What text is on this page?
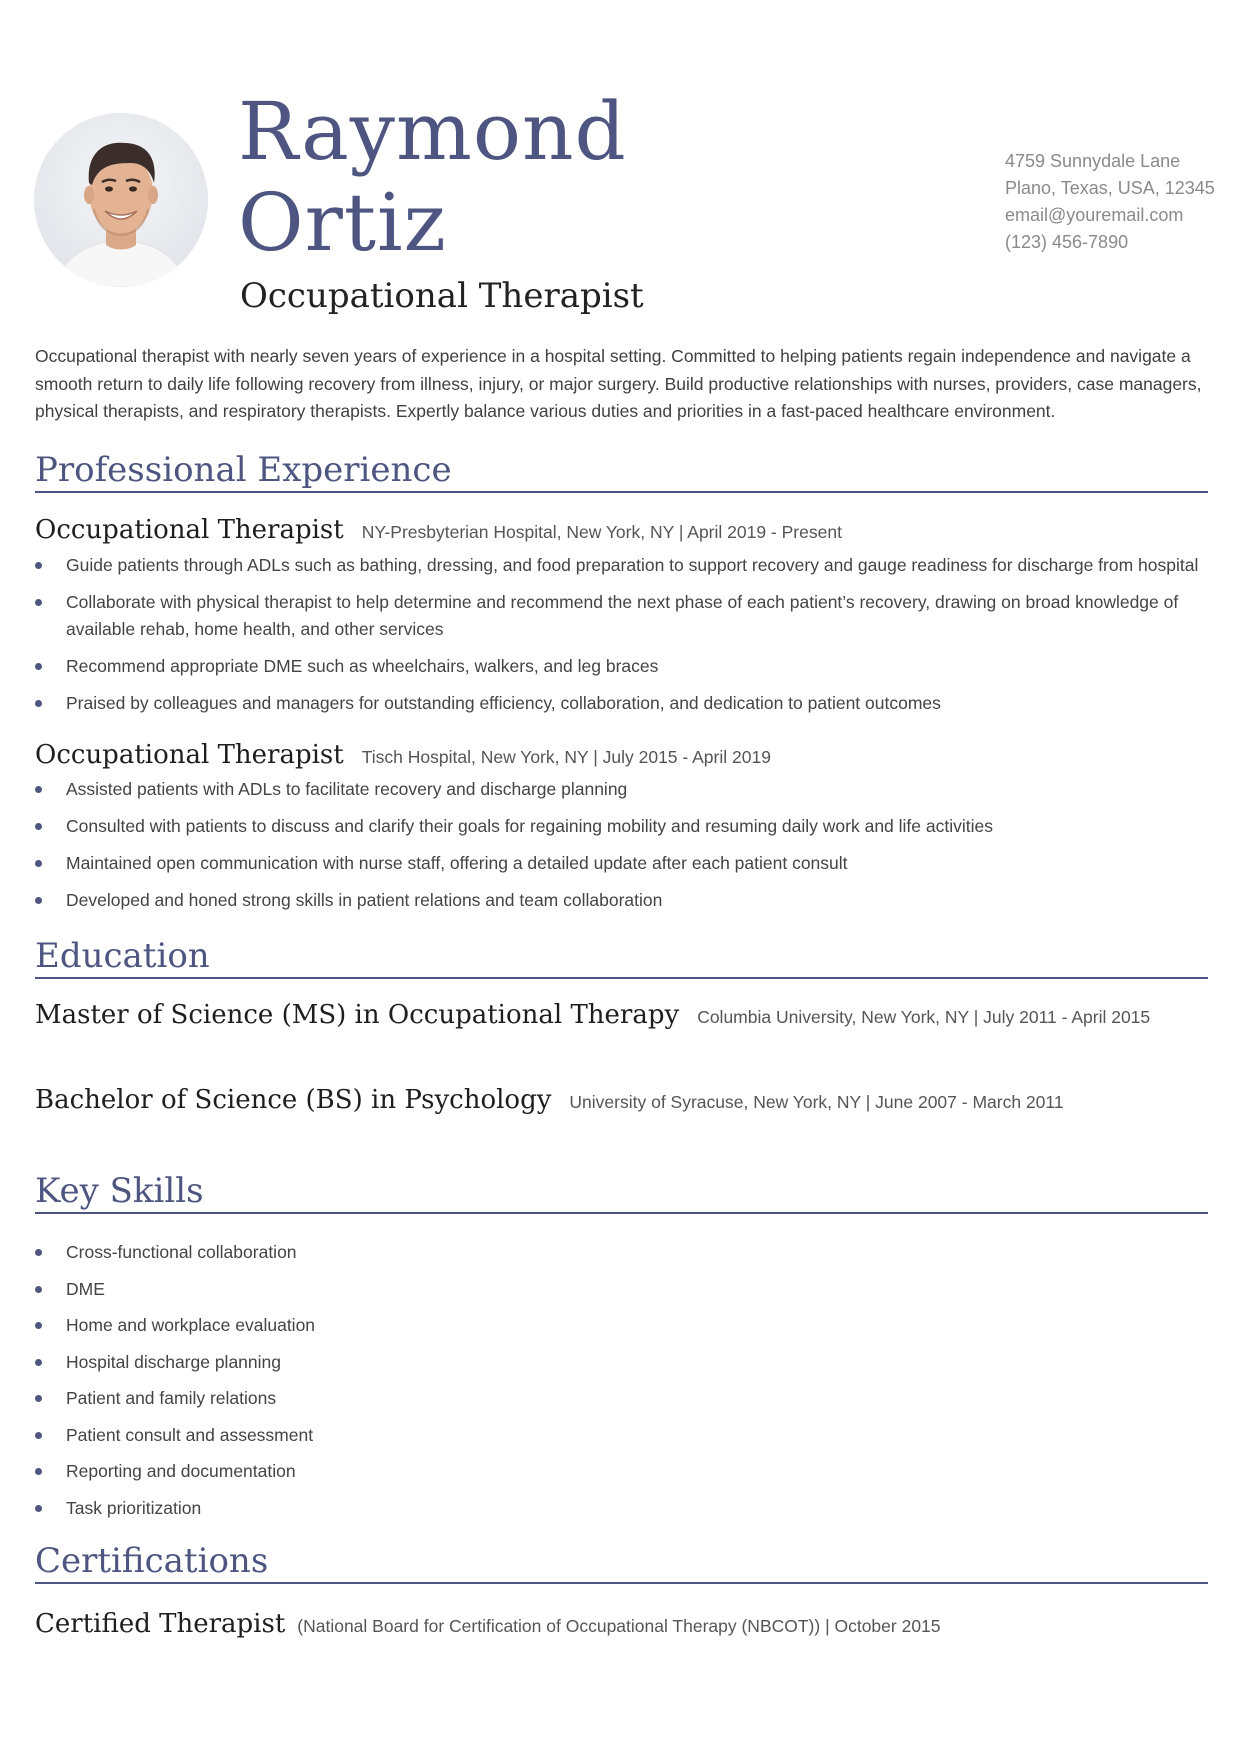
Raymond
Ortiz
Occupational Therapist
4759 Sunnydale Lane
Plano, Texas, USA, 12345
email@youremail.com
(123) 456-7890

Occupational therapist with nearly seven years of experience in a hospital setting. Committed to helping patients regain independence and navigate a smooth return to daily life following recovery from illness, injury, or major surgery. Build productive relationships with nurses, providers, case managers, physical therapists, and respiratory therapists. Expertly balance various duties and priorities in a fast-paced healthcare environment.

Professional Experience
Occupational Therapist NY-Presbyterian Hospital, New York, NY | April 2019 - Present
Guide patients through ADLs such as bathing, dressing, and food preparation to support recovery and gauge readiness for discharge from hospital
Collaborate with physical therapist to help determine and recommend the next phase of each patient’s recovery, drawing on broad knowledge of available rehab, home health, and other services
Recommend appropriate DME such as wheelchairs, walkers, and leg braces
Praised by colleagues and managers for outstanding efficiency, collaboration, and dedication to patient outcomes
Occupational Therapist Tisch Hospital, New York, NY | July 2015 - April 2019
Assisted patients with ADLs to facilitate recovery and discharge planning
Consulted with patients to discuss and clarify their goals for regaining mobility and resuming daily work and life activities
Maintained open communication with nurse staff, offering a detailed update after each patient consult
Developed and honed strong skills in patient relations and team collaboration
Education
Master of Science (MS) in Occupational Therapy Columbia University, New York, NY | July 2011 - April 2015
Bachelor of Science (BS) in Psychology University of Syracuse, New York, NY | June 2007 - March 2011
Key Skills
Cross-functional collaboration
DME
Home and workplace evaluation
Hospital discharge planning
Patient and family relations
Patient consult and assessment
Reporting and documentation
Task prioritization
Certifications
Certified Therapist (National Board for Certification of Occupational Therapy (NBCOT)) | October 2015
